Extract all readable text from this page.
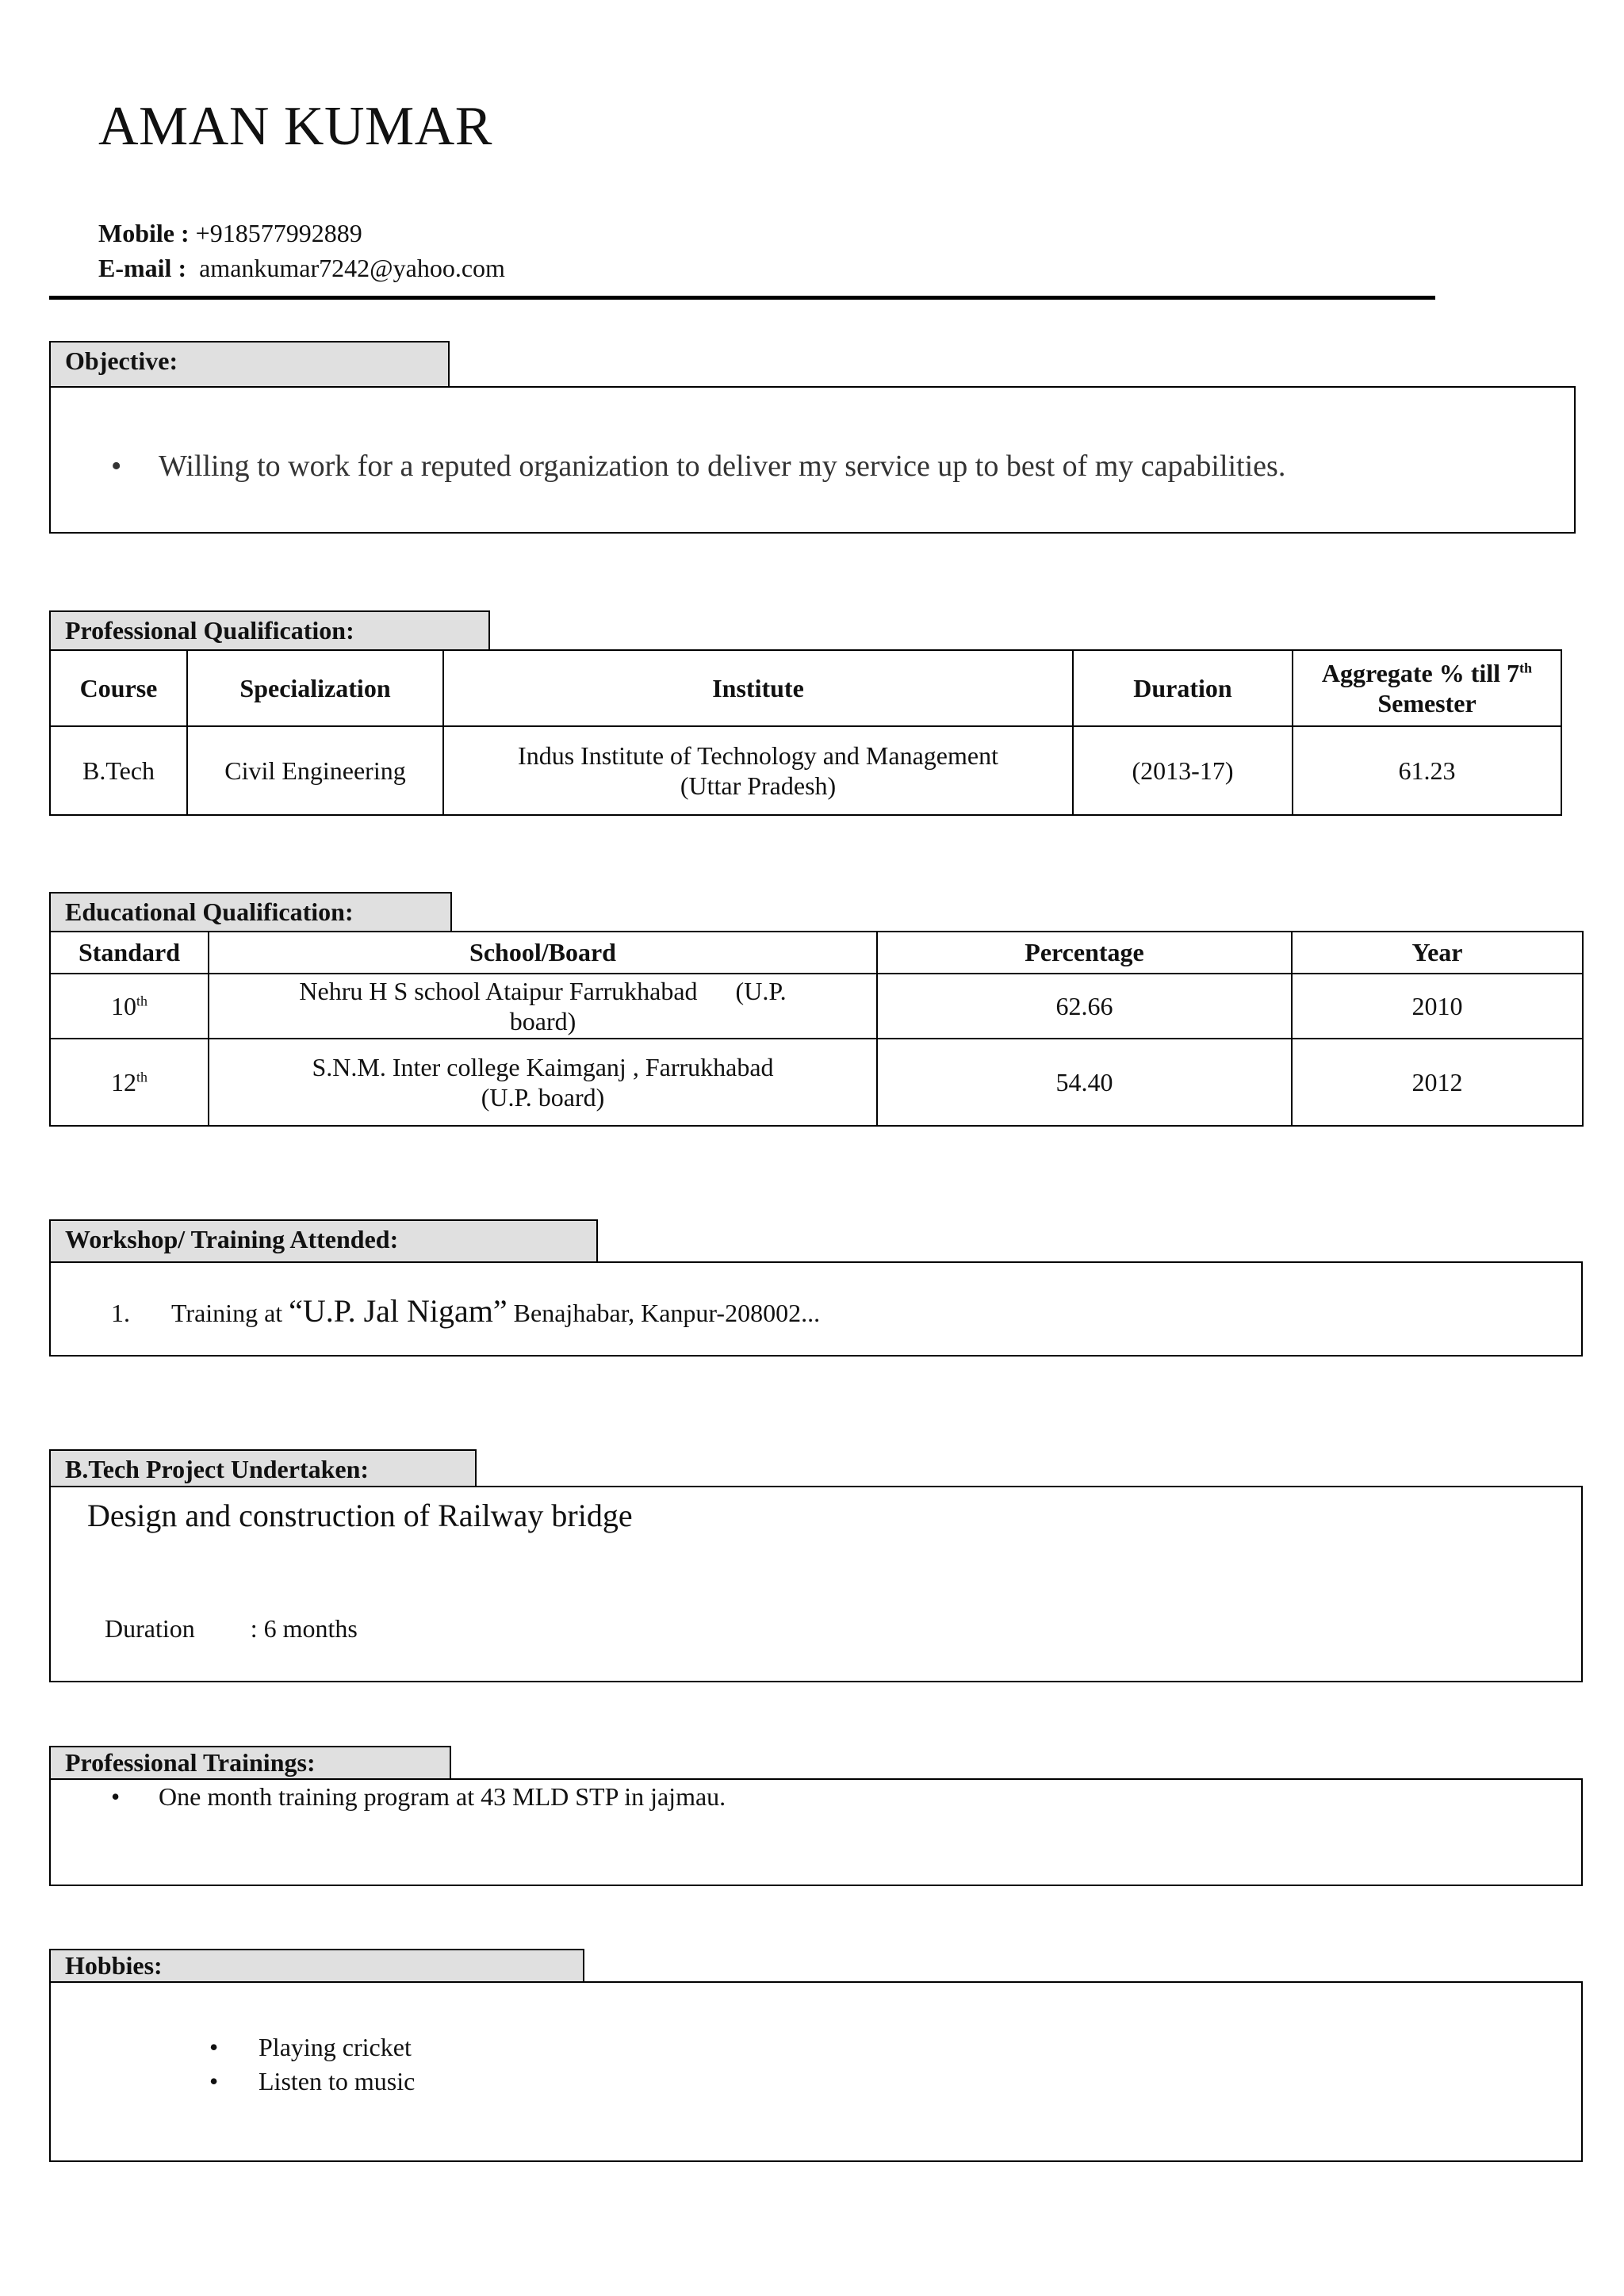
AMAN KUMAR
Mobile : +918577992889
E-mail : amankumar7242@yahoo.com
Objective:
• Willing to work for a reputed organization to deliver my service up to best of my capabilities.
Professional Qualification:
Course	Specialization	Institute	Duration	Aggregate % till 7th
Semester
B.Tech	Civil Engineering	Indus Institute of Technology and Management
(Uttar Pradesh)	(2013-17)	61.23
Educational Qualification:
Standard	School/Board	Percentage	Year
10th	Nehru H S school Ataipur Farrukhabad      (U.P.
board)	62.66	2010
12th	S.N.M. Inter college Kaimganj , Farrukhabad
(U.P. board)	54.40	2012
Workshop/ Training Attended:
1. Training at “U.P. Jal Nigam” Benajhabar, Kanpur-208002...
B.Tech Project Undertaken:
Design and construction of Railway bridge
Duration : 6 months
Professional Trainings:
• One month training program at 43 MLD STP in jajmau.
Hobbies:
• Playing cricket
• Listen to music
